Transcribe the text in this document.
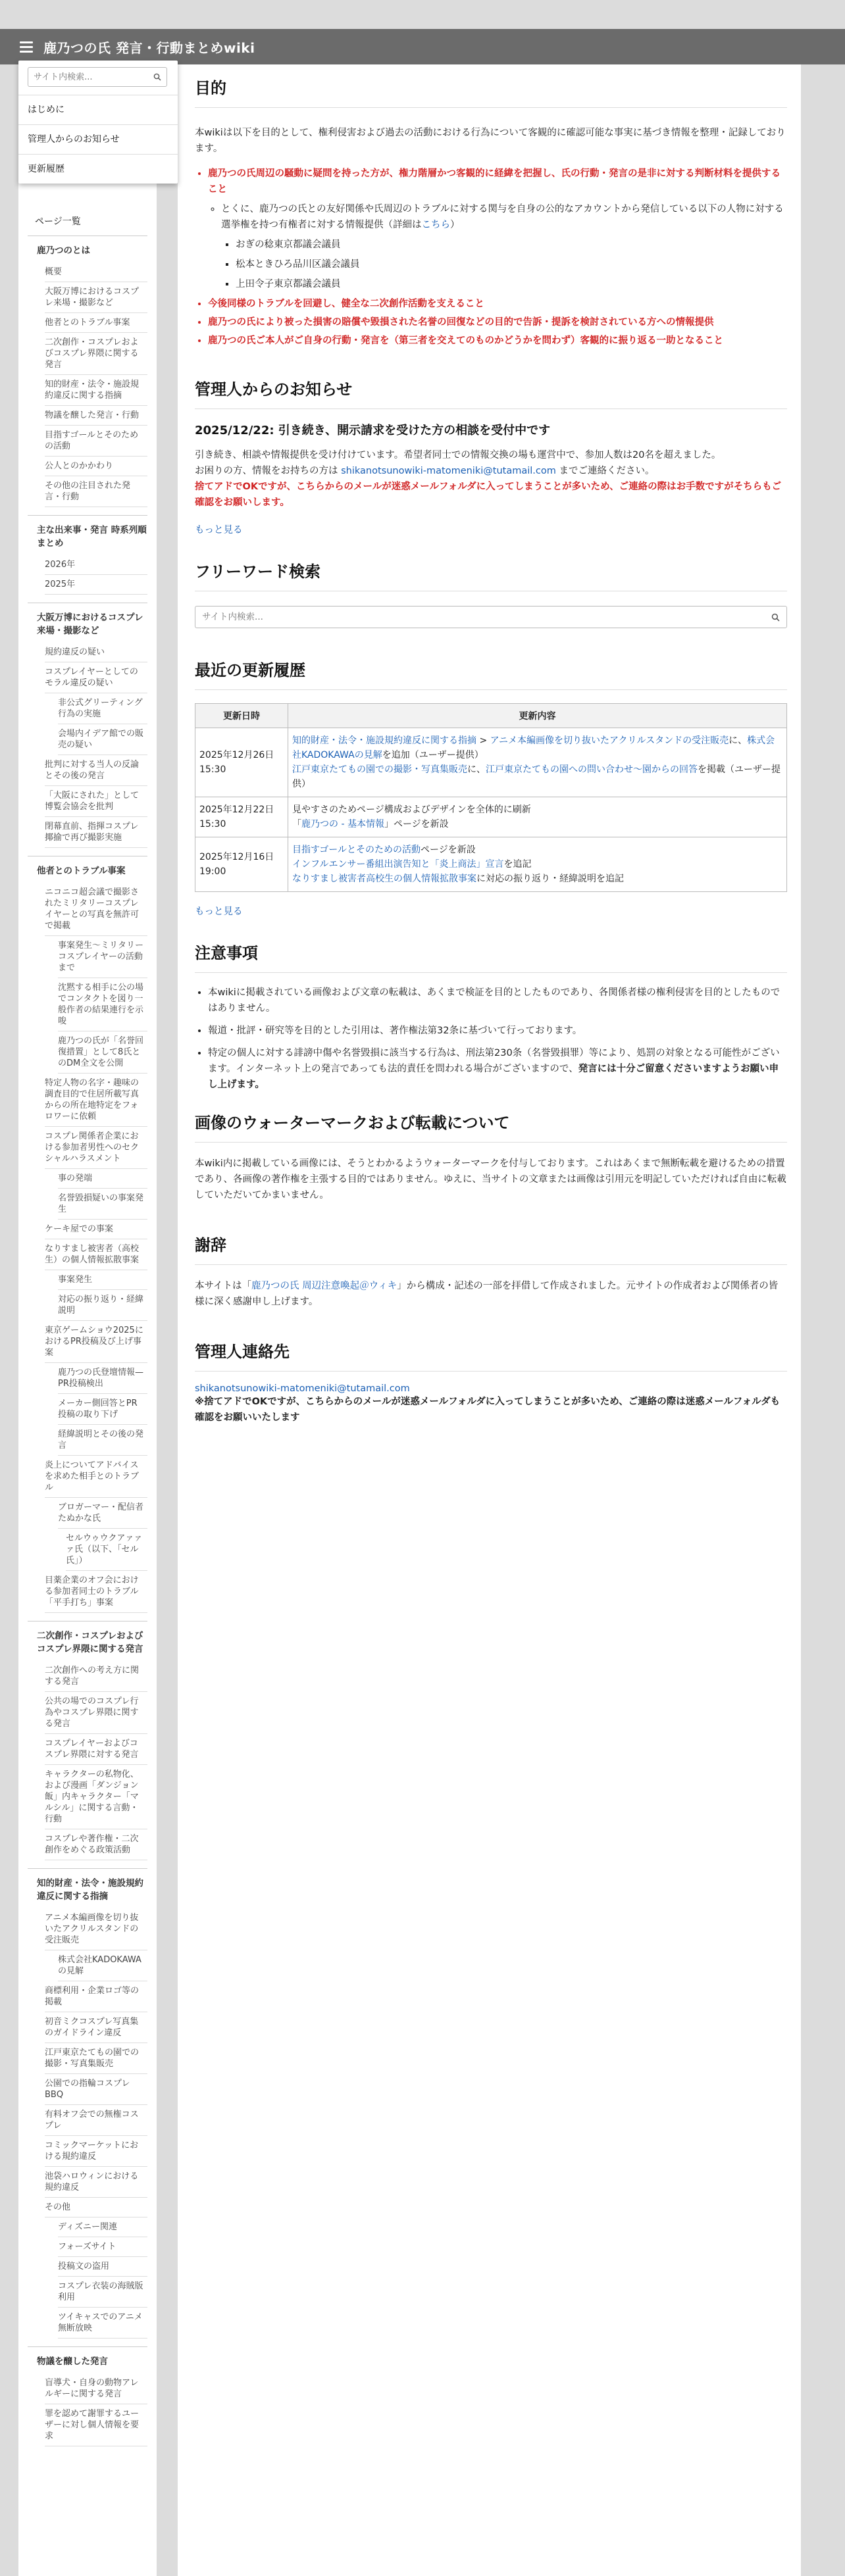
鹿乃つの氏 発言・行動まとめwiki
ページ一覧
鹿乃つのとは
概要
大阪万博におけるコスプレ来場・撮影など
他者とのトラブル事案
二次創作・コスプレおよびコスプレ界隈に関する発言
知的財産・法令・施設規約違反に関する指摘
物議を醸した発言・行動
目指すゴールとそのための活動
公人とのかかわり
その他の注目された発言・行動
主な出来事・発言 時系列順まとめ
2026年
2025年
大阪万博におけるコスプレ来場・撮影など
規約違反の疑い
コスプレイヤーとしてのモラル違反の疑い
非公式グリーティング行為の実施
会場内イデア館での販売の疑い
批判に対する当人の反論とその後の発言
「大阪にされた」として博覧会協会を批判
閉幕直前、指揮コスプレ揶揄で再び撮影実施
他者とのトラブル事案
ニコニコ超会議で撮影されたミリタリーコスプレイヤーとの写真を無許可で掲載
事案発生～ミリタリーコスプレイヤーの活動まで
沈黙する相手に公の場でコンタクトを図り一般作者の結果連行を示唆
鹿乃つの氏が「名誉回復措置」として8氏とのDM全文を公開
特定人物の名字・趣味の調査目的で住居所載写真からの所在地特定をフォロワーに依頼
コスプレ関係者企業における参加者男性へのセクシャルハラスメント
事の発端
名誉毀損疑いの事案発生
ケーキ屋での事案
なりすまし被害者（高校生）の個人情報拡散事案
事案発生
対応の振り返り・経緯説明
東京ゲームショウ2025におけるPR投稿及び上げ事案
鹿乃つの氏登壇情報—PR投稿検出
メーカー側回答とPR投稿の取り下げ
経緯説明とその後の発言
炎上についてアドバイスを求めた相手とのトラブル
ブロガーマー・配信者 たぬかな氏
セルウゥウクアァァァ氏（以下、「セル氏」）
目薬企業のオフ会における参加者同士のトラブル「平手打ち」事案
二次創作・コスプレおよびコスプレ界隈に関する発言
二次創作への考え方に関する発言
公共の場でのコスプレ行為やコスプレ界隈に関する発言
コスプレイヤーおよびコスプレ界隈に対する発言
キャラクターの私物化、および漫画「ダンジョン飯」内キャラクター「マルシル」に関する言動・行動
コスプレや著作権・二次創作をめぐる政策活動
知的財産・法令・施設規約違反に関する指摘
アニメ本編画像を切り抜いたアクリルスタンドの受注販売
株式会社KADOKAWAの見解
商標利用・企業ロゴ等の掲載
初音ミクコスプレ写真集のガイドライン違反
江戸東京たてもの園での撮影・写真集販売
公園での指輪コスプレBBQ
有料オフ会での無権コスプレ
コミックマーケットにおける規約違反
池袋ハロウィンにおける規約違反
その他
ディズニー関連
フォーズサイト
投稿文の盗用
コスプレ衣装の海賊版利用
ツイキャスでのアニメ無断放映
物議を醸した発言
盲導犬・自身の動物アレルギーに関する発言
罪を認めて謝罪するユーザーに対し個人情報を要求
サイト内検索...
はじめに
管理人からのお知らせ
更新履歴
目的

本wikiは以下を目的として、権利侵害および過去の活動における行為について客観的に確認可能な事実に基づき情報を整理・記録しております。

• 鹿乃つの氏周辺の騒動に疑問を持った方が、権力階層かつ客観的に経緯を把握し、氏の行動・発言の是非に対する判断材料を提供すること
◦ とくに、鹿乃つの氏との友好関係や氏周辺のトラブルに対する関与を自身の公的なアカウントから発信している以下の人物に対する選挙権を持つ有権者に対する情報提供（詳細はこちら）
▪ おぎの稔東京都議会議員
▪ 松本ときひろ品川区議会議員
▪ 上田令子東京都議会議員
• 今後同様のトラブルを回避し、健全な二次創作活動を支えること
• 鹿乃つの氏により被った損害の賠償や毀損された名誉の回復などの目的で告訴・提訴を検討されている方への情報提供
• 鹿乃つの氏ご本人がご自身の行動・発言を（第三者を交えてのものかどうかを問わず）客観的に振り返る一助となること
管理人からのお知らせ
2025/12/22: 引き続き、開示請求を受けた方の相談を受付中です

引き続き、相談や情報提供を受け付けています。希望者同士での情報交換の場も運営中で、参加人数は20名を超えました。

お困りの方、情報をお持ちの方は shikanotsunowiki-matomeniki@tutamail.com までご連絡ください。

捨てアドでOKですが、こちらからのメールが迷惑メールフォルダに入ってしまうことが多いため、ご連絡の際はお手数ですがそちらもご確認をお願いします。

もっと見る
フリーワード検索
サイト内検索...
最近の更新履歴
更新日時	更新内容
2025年12月26日 15:30	知的財産・法令・施設規約違反に関する指摘 > アニメ本編画像を切り抜いたアクリルスタンドの受注販売に、株式会社KADOKAWAの見解を追加（ユーザー提供）
江戸東京たてもの園での撮影・写真集販売に、江戸東京たてもの園への問い合わせ～園からの回答を掲載（ユーザー提供）

2025年12月22日 15:30	見やすさのためページ構成およびデザインを全体的に刷新
「鹿乃つの - 基本情報」ページを新設

2025年12月16日 19:00	目指すゴールとそのための活動ページを新設
インフルエンサー番組出演告知と「炎上商法」宣言を追記
なりすまし被害者高校生の個人情報拡散事案に対応の振り返り・経緯説明を追記
もっと見る
注意事項
• 本wikiに掲載されている画像および文章の転載は、あくまで検証を目的としたものであり、各関係者様の権利侵害を目的としたものではありません。
• 報道・批評・研究等を目的とした引用は、著作権法第32条に基づいて行っております。
• 特定の個人に対する誹謗中傷や名誉毀損に該当する行為は、刑法第230条（名誉毀損罪）等により、処罰の対象となる可能性がございます。インターネット上の発言であっても法的責任を問われる場合がございますので、発言には十分ご留意くださいますようお願い申し上げます。
画像のウォーターマークおよび転載について

本wiki内に掲載している画像には、そうとわかるようウォーターマークを付与しております。これはあくまで無断転載を避けるための措置であり、各画像の著作権を主張する目的ではありません。ゆえに、当サイトの文章または画像は引用元を明記していただければ自由に転載していただいてかまいません。

謝辞

本サイトは「鹿乃つの氏 周辺注意喚起＠ウィキ」から構成・記述の一部を拝借して作成されました。元サイトの作成者および関係者の皆様に深く感謝申し上げます。

管理人連絡先
shikanotsunowiki-matomeniki@tutamail.com

※捨てアドでOKですが、こちらからのメールが迷惑メールフォルダに入ってしまうことが多いため、ご連絡の際は迷惑メールフォルダも確認をお願いいたします
